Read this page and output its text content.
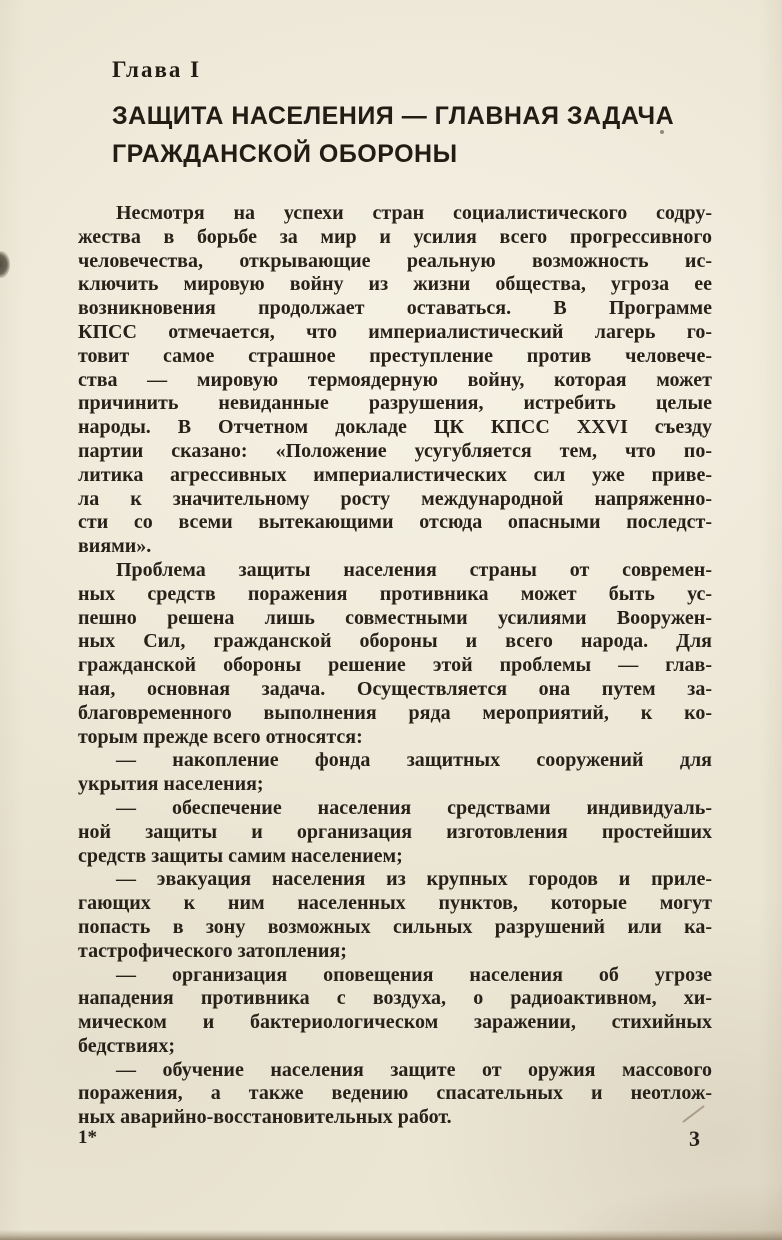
Глава I
ЗАЩИТА НАСЕЛЕНИЯ — ГЛАВНАЯ ЗАДАЧА
ГРАЖДАНСКОЙ ОБОРОНЫ
Несмотря на успехи стран социалистического содру-
жества в борьбе за мир и усилия всего прогрессивного
человечества, открывающие реальную возможность ис-
ключить мировую войну из жизни общества, угроза ее
возникновения продолжает оставаться. В Программе
КПСС отмечается, что империалистический лагерь го-
товит самое страшное преступление против человече-
ства — мировую термоядерную войну, которая может
причинить невиданные разрушения, истребить целые
народы. В Отчетном докладе ЦК КПСС XXVI съезду
партии сказано: «Положение усугубляется тем, что по-
литика агрессивных империалистических сил уже приве-
ла к значительному росту международной напряженно-
сти со всеми вытекающими отсюда опасными последст-
виями».
Проблема защиты населения страны от современ-
ных средств поражения противника может быть ус-
пешно решена лишь совместными усилиями Вооружен-
ных Сил, гражданской обороны и всего народа. Для
гражданской обороны решение этой проблемы — глав-
ная, основная задача. Осуществляется она путем за-
благовременного выполнения ряда мероприятий, к ко-
торым прежде всего относятся:
— накопление фонда защитных сооружений для
укрытия населения;
— обеспечение населения средствами индивидуаль-
ной защиты и организация изготовления простейших
средств защиты самим населением;
— эвакуация населения из крупных городов и приле-
гающих к ним населенных пунктов, которые могут
попасть в зону возможных сильных разрушений или ка-
тастрофического затопления;
— организация оповещения населения об угрозе
нападения противника с воздуха, о радиоактивном, хи-
мическом и бактериологическом заражении, стихийных
бедствиях;
— обучение населения защите от оружия массового
поражения, а также ведению спасательных и неотлож-
ных аварийно-восстановительных работ.
1*	3
